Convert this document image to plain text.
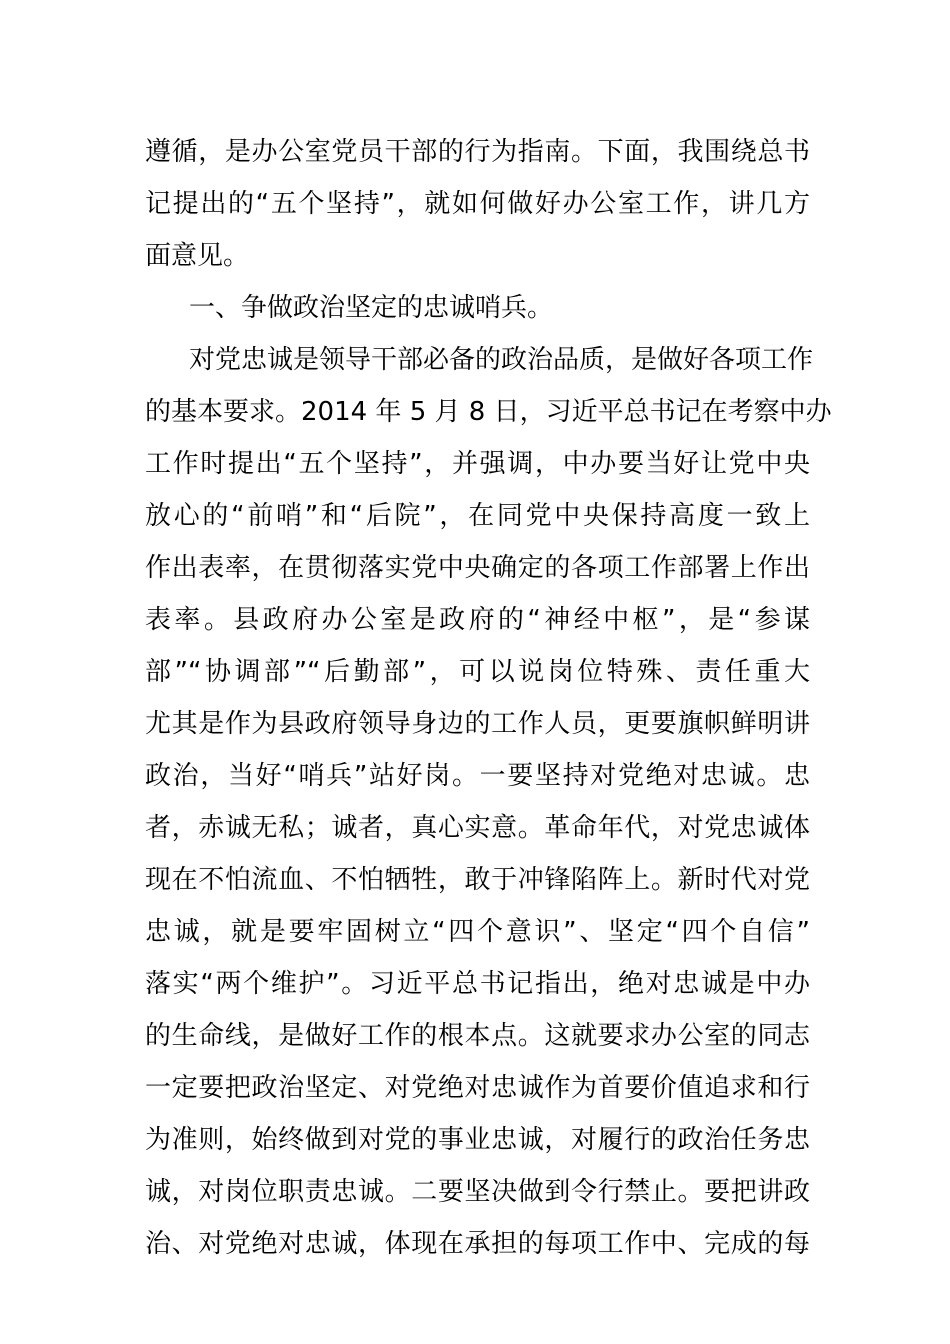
遵循，是办公室党员干部的行为指南。下面，我围绕总书
记提出的“五个坚持”，就如何做好办公室工作，讲几方
面意见。
一、争做政治坚定的忠诚哨兵。
对党忠诚是领导干部必备的政治品质，是做好各项工作
的基本要求。2014 年 5 月 8 日，习近平总书记在考察中办
工作时提出“五个坚持”，并强调，中办要当好让党中央
放心的“前哨”和“后院”，在同党中央保持高度一致上
作出表率，在贯彻落实党中央确定的各项工作部署上作出
表率。县政府办公室是政府的“神经中枢”，是“参谋
部”“协调部”“后勤部”，可以说岗位特殊、责任重大
尤其是作为县政府领导身边的工作人员，更要旗帜鲜明讲
政治，当好“哨兵”站好岗。一要坚持对党绝对忠诚。忠
者，赤诚无私；诚者，真心实意。革命年代，对党忠诚体
现在不怕流血、不怕牺牲，敢于冲锋陷阵上。新时代对党
忠诚，就是要牢固树立“四个意识”、坚定“四个自信”
落实“两个维护”。习近平总书记指出，绝对忠诚是中办
的生命线，是做好工作的根本点。这就要求办公室的同志
一定要把政治坚定、对党绝对忠诚作为首要价值追求和行
为准则，始终做到对党的事业忠诚，对履行的政治任务忠
诚，对岗位职责忠诚。二要坚决做到令行禁止。要把讲政
治、对党绝对忠诚，体现在承担的每项工作中、完成的每
